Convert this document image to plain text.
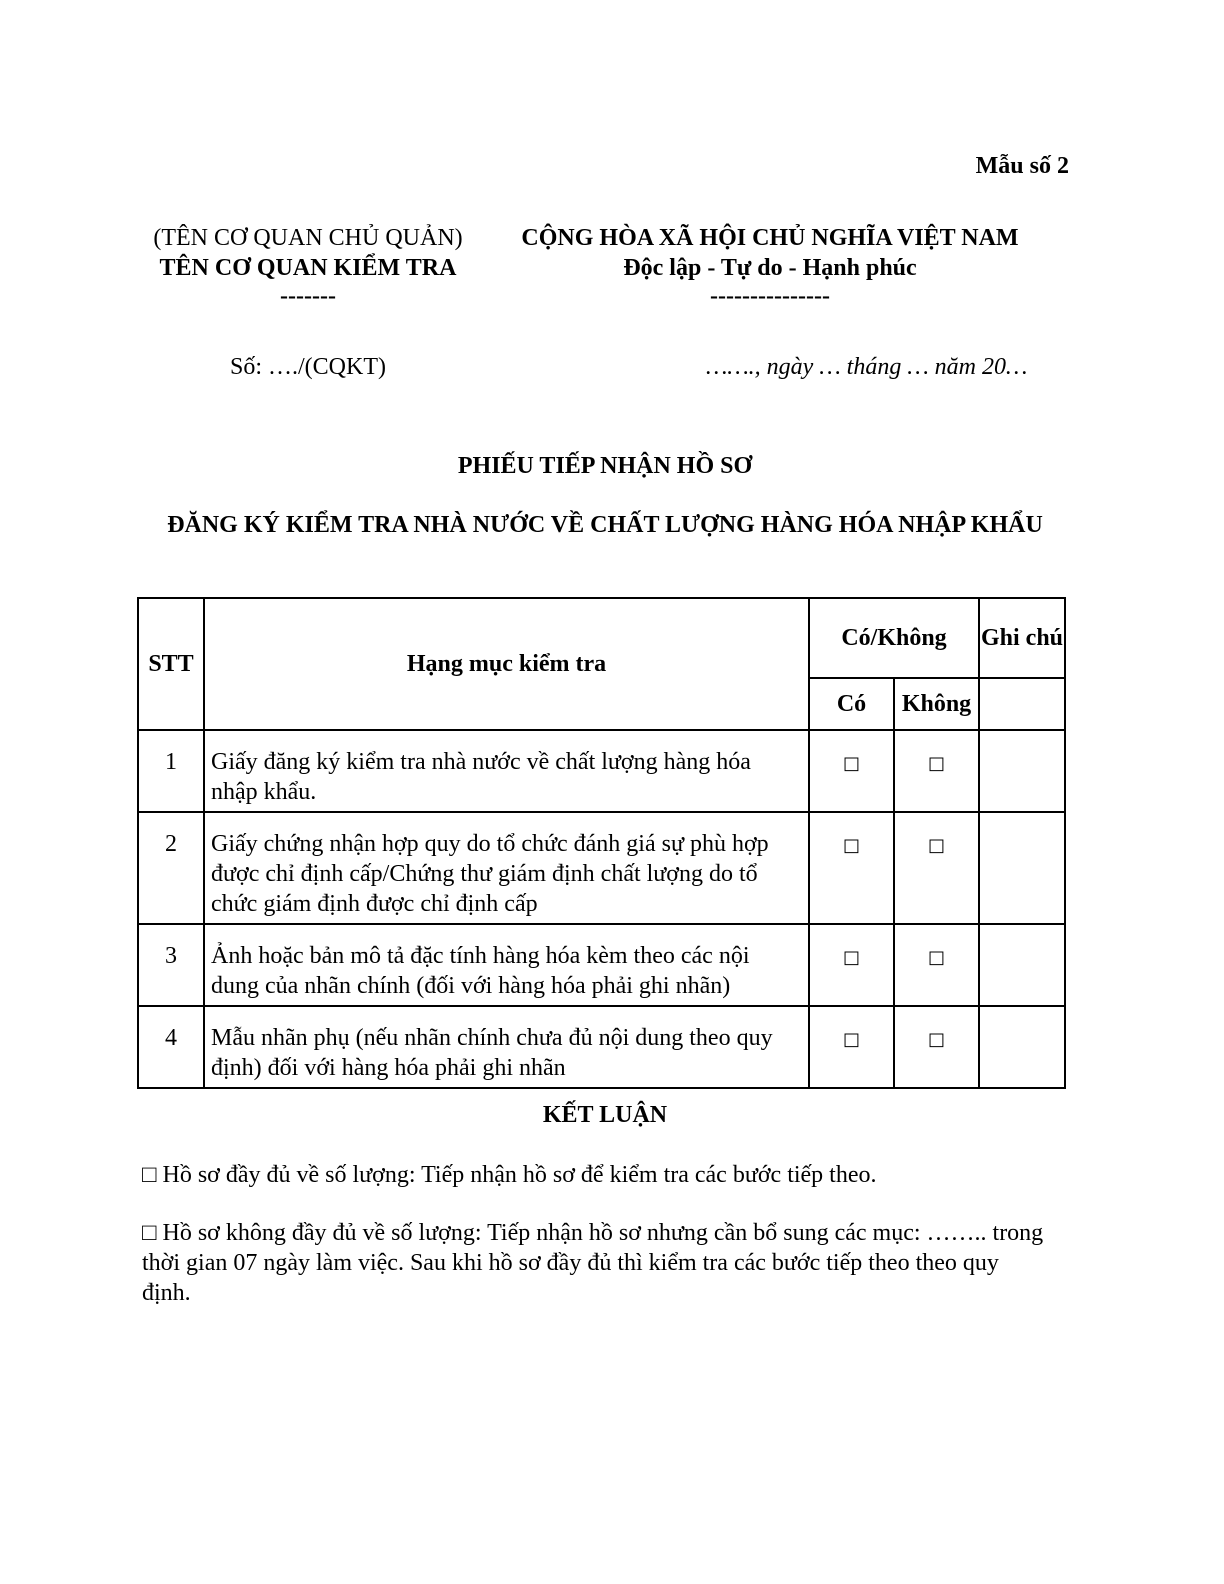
Mẫu số 2
(TÊN CƠ QUAN CHỦ QUẢN)
TÊN CƠ QUAN KIỂM TRA
-------
CỘNG HÒA XÃ HỘI CHỦ NGHĨA VIỆT NAM
Độc lập - Tự do - Hạnh phúc
---------------
Số: …./(CQKT)	……., ngày … tháng … năm 20…
PHIẾU TIẾP NHẬN HỒ SƠ
ĐĂNG KÝ KIỂM TRA NHÀ NƯỚC VỀ CHẤT LƯỢNG HÀNG HÓA NHẬP KHẨU
STT	Hạng mục kiểm tra	Có/Không		Ghi chú
		Có	Không	
1	Giấy đăng ký kiểm tra nhà nước về chất lượng hàng hóa nhập khẩu.	□	□	
2	Giấy chứng nhận hợp quy do tổ chức đánh giá sự phù hợp được chỉ định cấp/Chứng thư giám định chất lượng do tổ chức giám định được chỉ định cấp	□	□	
3	Ảnh hoặc bản mô tả đặc tính hàng hóa kèm theo các nội dung của nhãn chính (đối với hàng hóa phải ghi nhãn)	□	□	
4	Mẫu nhãn phụ (nếu nhãn chính chưa đủ nội dung theo quy định) đối với hàng hóa phải ghi nhãn	□	□	
KẾT LUẬN
□ Hồ sơ đầy đủ về số lượng: Tiếp nhận hồ sơ để kiểm tra các bước tiếp theo.
□ Hồ sơ không đầy đủ về số lượng: Tiếp nhận hồ sơ nhưng cần bổ sung các mục: …….. trong thời gian 07 ngày làm việc. Sau khi hồ sơ đầy đủ thì kiểm tra các bước tiếp theo theo quy định.
